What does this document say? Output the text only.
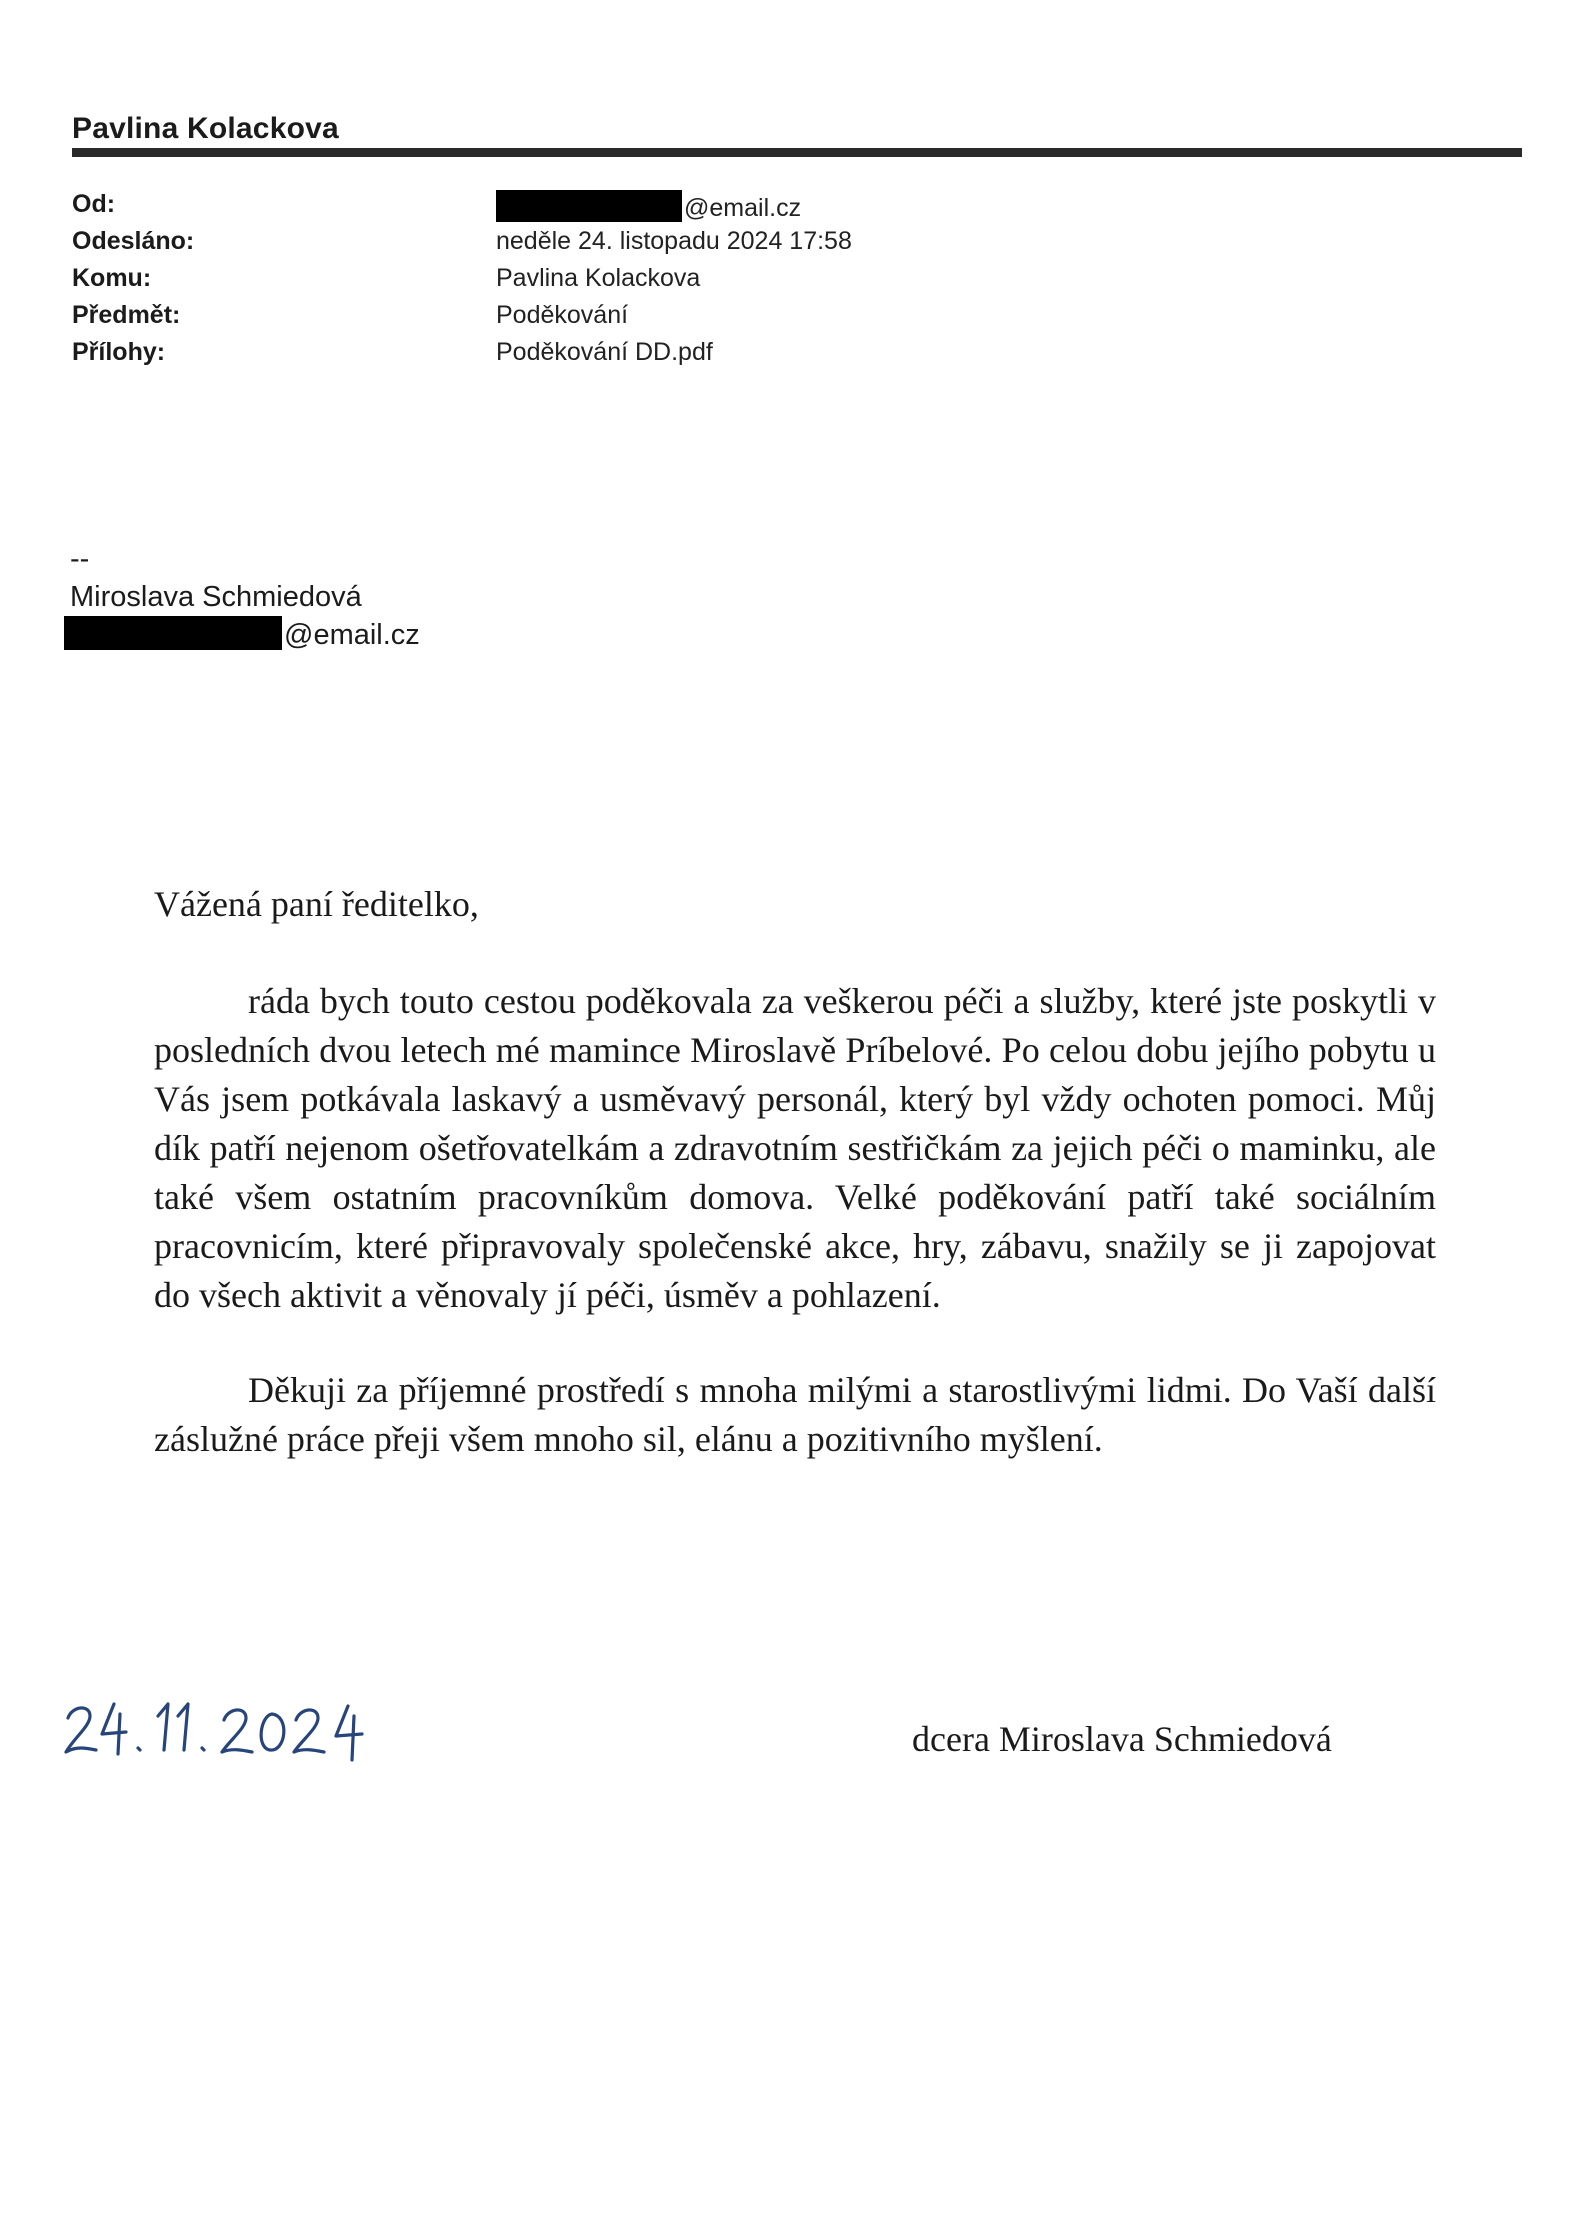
Pavlina Kolackova
Od:	@email.cz
Odesláno:	neděle 24. listopadu 2024 17:58
Komu:	Pavlina Kolackova
Předmět:	Poděkování
Přílohy:	Poděkování DD.pdf
--
Miroslava Schmiedová
@email.cz

Vážená paní ředitelko,

ráda bych touto cestou poděkovala za veškerou péči a služby, které jste poskytli v posledních dvou letech mé mamince Miroslavě Príbelové. Po celou dobu jejího pobytu u Vás jsem potkávala laskavý a usměvavý personál, který byl vždy ochoten pomoci. Můj dík patří nejenom ošetřovatelkám a zdravotním sestřičkám za jejich péči o maminku, ale také všem ostatním pracovníkům domova. Velké poděkování patří také sociálním pracovnicím, které připravovaly společenské akce, hry, zábavu, snažily se ji zapojovat do všech aktivit a věnovaly jí péči, úsměv a pohlazení.

Děkuji za příjemné prostředí s mnoha milými a starostlivými lidmi. Do Vaší další záslužné práce přeji všem mnoho sil, elánu a pozitivního myšlení.

dcera Miroslava Schmiedová
